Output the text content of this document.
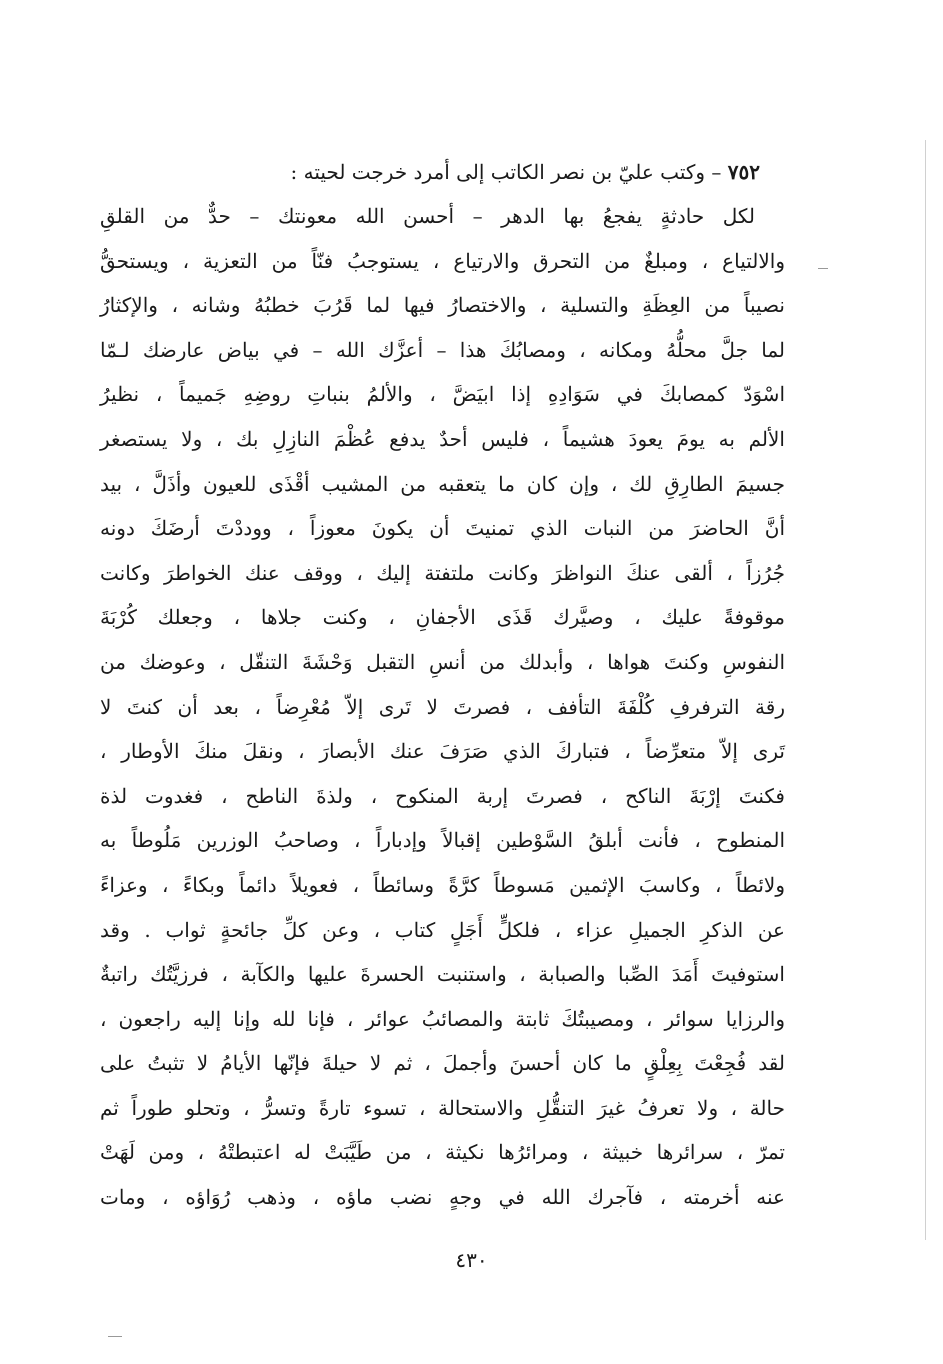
٧٥٢ – وكتب عليّ بن نصر الكاتب إلى أمرد خرجت لحيته :
لكل حادثةٍ يفجعُ بها الدهر – أحسن الله معونتك – حدٌّ من القلقِ
والالتياع ، ومبلغٌ من التحرق والارتياع ، يستوجبُ فنّاً من التعزية ، ويستحقُّ
نصيباً من العِظَةِ والتسلية ، والاختصارُ فيها لما قَرُبَ خطبُهُ وشانه ، والإكثارُ
لما جلَّ محلُّهُ ومكانه ، ومصابُكَ هذا – أعزَّك الله – في بياض عارضك لـمّا
اسْوَدّ كمصابكَ في سَوَادِهِ إذا ابيَضَّ ، والألمُ بنباتِ روضِهِ جَميماً ، نظيرُ
الألم به يومَ يعودَ هشيماً ، فليس أحدٌ يدفع عُظْمَ النازِلِ بك ، ولا يستصغر
جسيمَ الطارِقِ لك ، وإن كان ما يتعقبه من المشيب أقْذَى للعيون وأذَلَّ ، بيد
أنَّ الحاضرَ من النبات الذي تمنيتَ أن يكونَ معوزاً ، ووددْتَ أرضَكَ دونه
جُرُزاً ، ألقى عنكَ النواظرَ وكانت ملتفتة إليك ، ووقف عنك الخواطرَ وكانت
موقوفةً عليك ، وصيَّرك قَذَى الأجفانِ ، وكنت جلاها ، وجعلك كُرْبَةَ
النفوسِ وكنتَ هواها ، وأبدلك من أنسِ التقبل وَحْشَةَ التنقّل ، وعوضك من
رقة الترفرفِ كُلْفَةَ التأفف ، فصرتَ لا تَرى إلاّ مُعْرِضاً ، بعد أن كنتَ لا
تَرى إلاّ متعرِّضاً ، فتباركَ الذي صَرَفَ عنك الأبصارَ ، ونقلَ منكَ الأوطار ،
فكنتَ إرْبَةَ الناكح ، فصرتَ إربة المنكوح ، ولذةَ الناطح ، فغدوت لذة
المنطوح ، فأنت أبلقُ السَّوْطين إقبالاً وإدباراً ، وصاحبُ الوزرين مَلُوطاً به
ولائطاً ، وكاسبَ الإثمين مَسوطاً كرَّةً وسائطاً ، فعويلاً دائماً وبكاءً ، وعزاءً
عن الذكرِ الجميلِ عزاء ، فلكلٍّ أَجَلٍ كتاب ، وعن كلِّ جائحةٍ ثواب . وقد
استوفيتَ أَمَدَ الصِّبا والصبابة ، واستنبت الحسرةَ عليها والكآبة ، فرزيَّتُك راتبةٌ
والرزايا سوائر ، ومصيبتُكَ ثابتة والمصائبُ عوائر ، فإنا لله وإنا إليه راجعون ،
لقد فُجِعْتَ بِعِلْقٍ ما كان أحسنَ وأجملَ ، ثم لا حيلةَ فإنّها الأيامُ لا تثبتُ على
حالة ، ولا تعرفُ غيرَ التنقُّلِ والاستحالة ، تسوء تارةً وتسرُّ ، وتحلو طوراً ثم
تمرّ ، سرائرها خبيثة ، ومرائرُها نكيثة ، من طَيَّبَتْ له اعتبطتْهُ ، ومن لَهَتْ
عنه أخرمته ، فآجرك الله في وجهٍ نضب ماؤه ، وذهب رُوَاؤه ، ومات
٤٣٠
